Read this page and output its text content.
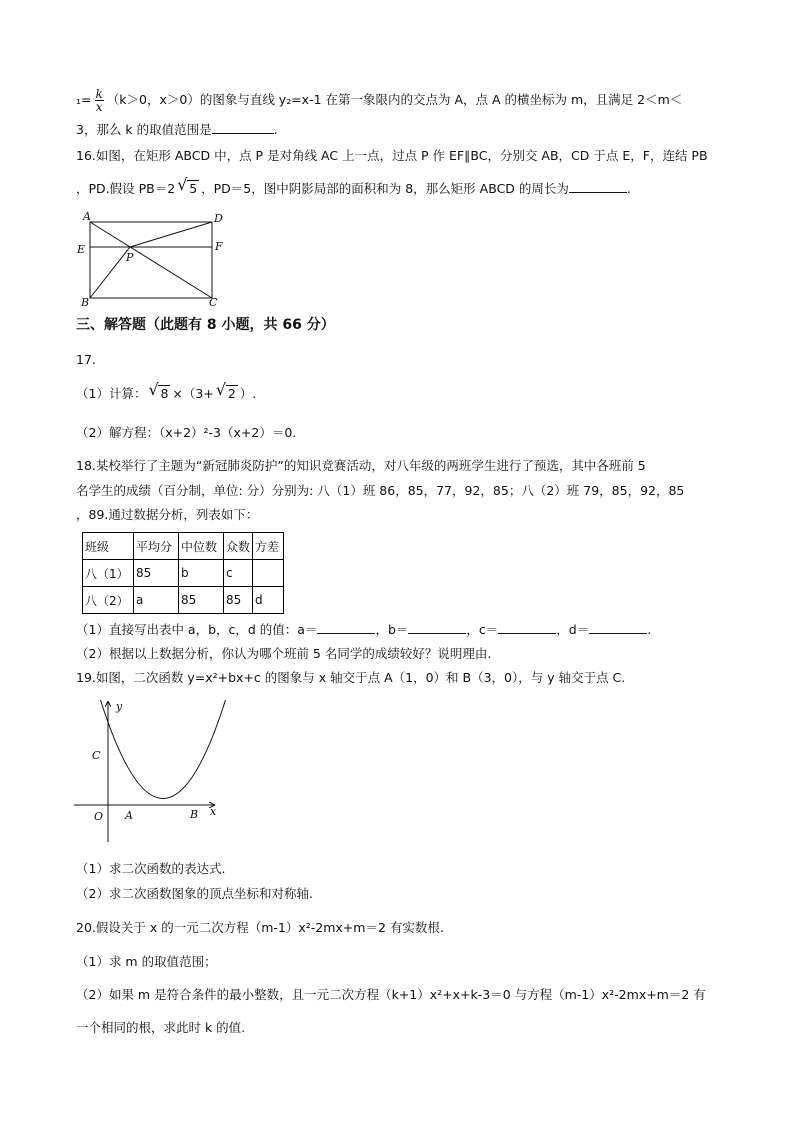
$_1= \frac{k}{x} (k>0$，x＞0）的图象与直线 y₂=x-1 在第一象限内的交点为 A，点 A 的横坐标为 m，且满足 2＜m＜
3，那么 k 的取值范围是	.
16.如图，在矩形 ABCD 中，点 P 是对角线 AC 上一点，过点 P 作 EF∥BC，分别交 AB，CD 于点 E，F，连结 PB
，PD.假设 PB＝2 √ 5 ，PD＝5，图中阴影局部的面积和为 8，那么矩形 ABCD 的周长为	.
A	D
E	F
P
B	C
三、解答题（此题有 8 小题，共 66 分）
17.
（1）计算： √ 8 ×（3+ √ 2 ）.
（2）解方程：（x+2）²-3（x+2）＝0.
18.某校举行了主题为“新冠肺炎防护”的知识竞赛活动，对八年级的两班学生进行了预选，其中各班前 5
名学生的成绩（百分制，单位: 分）分别为: 八（1）班 86，85，77，92，85；八（2）班 79，85，92，85
，89.通过数据分析，列表如下：
班级	平均分	中位数	众数	方差
八（1）	85	b	c	
八（2）	a	85	85	d
（1）直接写出表中 a，b，c，d 的值：a＝	，b＝	，c＝	，d＝	.
（2）根据以上数据分析，你认为哪个班前 5 名同学的成绩较好？说明理由.
19.如图，二次函数 y=x²+bx+c 的图象与 x 轴交于点 A（1，0）和 B（3，0），与 y 轴交于点 C.
y
C
O A	B x
（1）求二次函数的表达式.
（2）求二次函数图象的顶点坐标和对称轴.
20.假设关于 x 的一元二次方程（m-1）x²-2mx+m＝2 有实数根.
（1）求 m 的取值范围；
（2）如果 m 是符合条件的最小整数，且一元二次方程（k+1）x²+x+k-3＝0 与方程（m-1）x²-2mx+m＝2 有
一个相同的根，求此时 k 的值.
